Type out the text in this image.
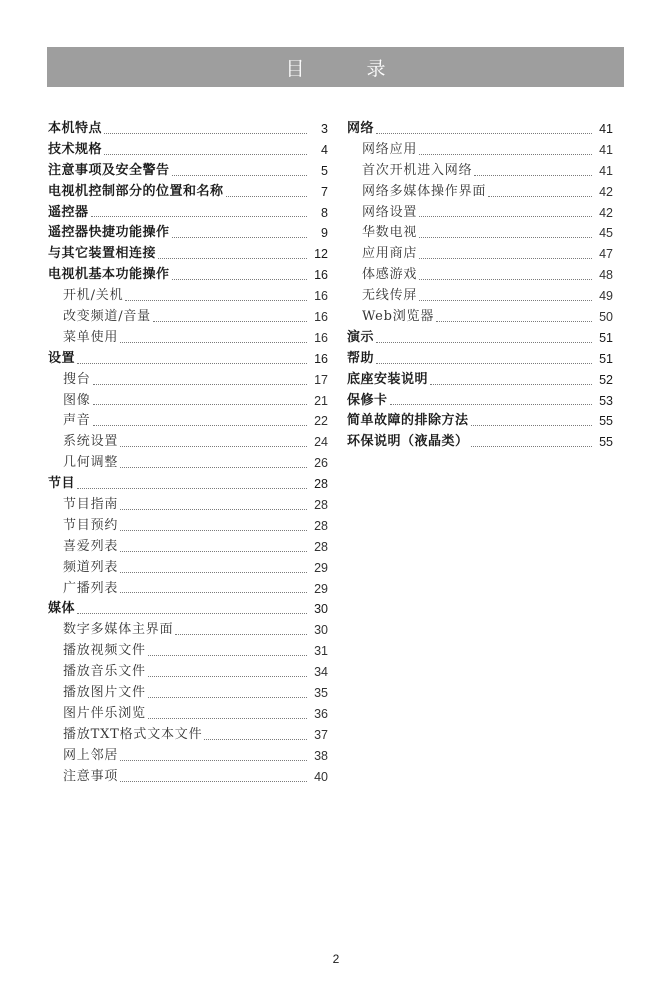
目 录
本机特点	3
技术规格	4
注意事项及安全警告	5
电视机控制部分的位置和名称	7
遥控器	8
遥控器快捷功能操作	9
与其它装置相连接	12
电视机基本功能操作	16
开机/关机	16
改变频道/音量	16
菜单使用	16
设置	16
搜台	17
图像	21
声音	22
系统设置	24
几何调整	26
节目	28
节目指南	28
节目预约	28
喜爱列表	28
频道列表	29
广播列表	29
媒体	30
数字多媒体主界面	30
播放视频文件	31
播放音乐文件	34
播放图片文件	35
图片伴乐浏览	36
播放TXT格式文本文件	37
网上邻居	38
注意事项	40
网络	41
网络应用	41
首次开机进入网络	41
网络多媒体操作界面	42
网络设置	42
华数电视	45
应用商店	47
体感游戏	48
无线传屏	49
Web浏览器	50
演示	51
帮助	51
底座安装说明	52
保修卡	53
简单故障的排除方法	55
环保说明（液晶类）	55
2
